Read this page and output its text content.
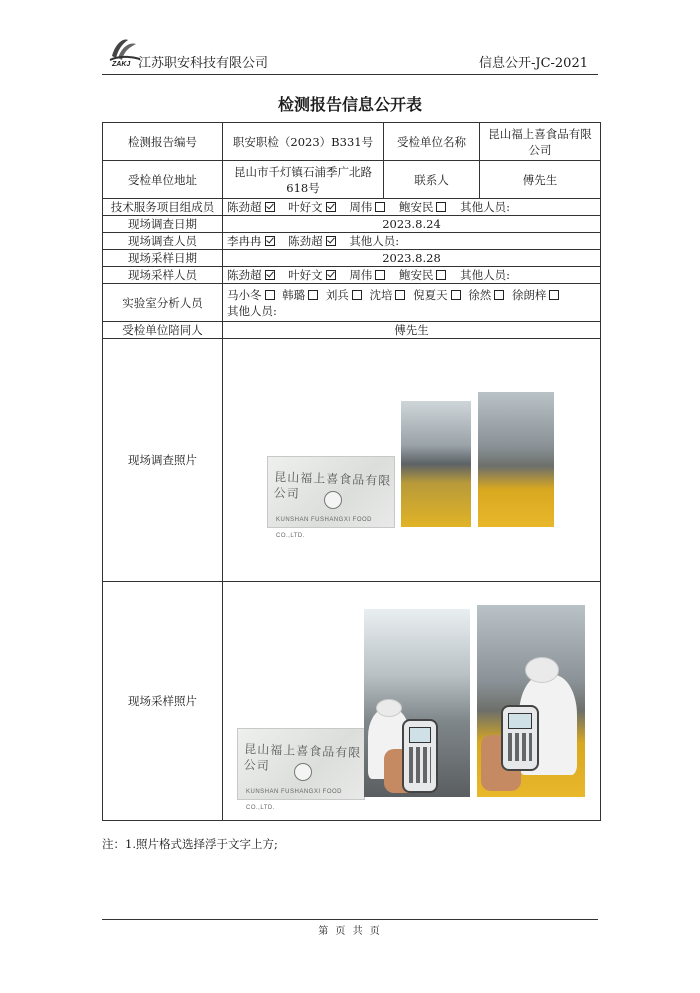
ZAKJ 江苏职安科技有限公司	信息公开-JC-2021
检测报告信息公开表
检测报告编号	职安职检（2023）B331号	受检单位名称	昆山福上喜食品有限公司
受检单位地址	昆山市千灯镇石浦季广北路618号	联系人	傅先生
技术服务项目组成员	陈劲超 叶好文 周伟 鲍安民 其他人员:		
现场调查日期	2023.8.24		
现场调查人员	李冉冉 陈劲超 其他人员:		
现场采样日期	2023.8.28		
现场采样人员	陈劲超 叶好文 周伟 鲍安民 其他人员:		
实验室分析人员	马小冬 韩璐 刘兵 沈培 倪夏天 徐然 徐朗梓
其他人员:		

受检单位陪同人	傅先生		
现场调查照片	昆山福上喜食品有限公司
KUNSHAN FUSHANGXI FOOD CO.,LTD.		

现场采样照片	昆山福上喜食品有限公司
KUNSHAN FUSHANGXI FOOD CO.,LTD.		
注：1.照片格式选择浮于文字上方;
第 页 共 页
